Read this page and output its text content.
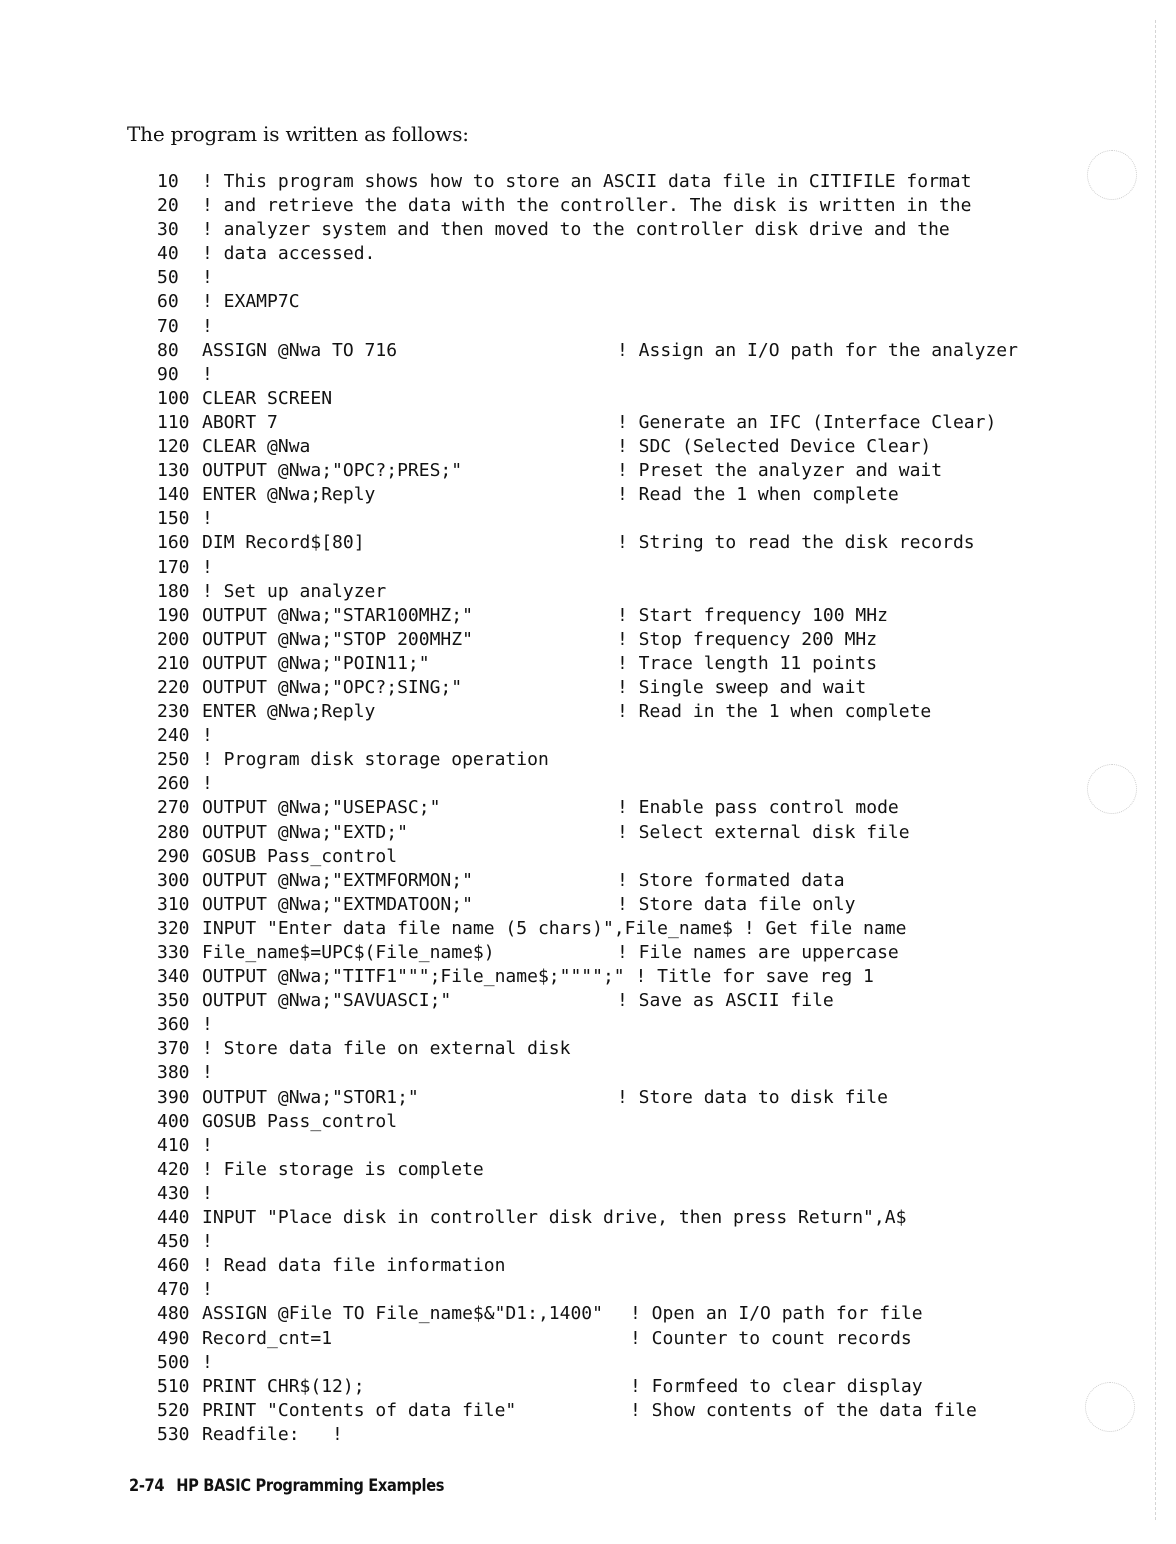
The program is written as follows:
10 ! This program shows how to store an ASCII data file in CITIFILE format
20 ! and retrieve the data with the controller. The disk is written in the
30 ! analyzer system and then moved to the controller disk drive and the
40 ! data accessed.
50 !
60 ! EXAMP7C
70 !
80 ASSIGN @Nwa TO 716	! Assign an I/O path for the analyzer
90 !
100 CLEAR SCREEN
110 ABORT 7	! Generate an IFC (Interface Clear)
120 CLEAR @Nwa	! SDC (Selected Device Clear)
130 OUTPUT @Nwa;"OPC?;PRES;"	! Preset the analyzer and wait
140 ENTER @Nwa;Reply	! Read the 1 when complete
150 !
160 DIM Record$[80]	! String to read the disk records
170 !
180 ! Set up analyzer
190 OUTPUT @Nwa;"STAR100MHZ;"	! Start frequency 100 MHz
200 OUTPUT @Nwa;"STOP 200MHZ"	! Stop frequency 200 MHz
210 OUTPUT @Nwa;"POIN11;"	! Trace length 11 points
220 OUTPUT @Nwa;"OPC?;SING;"	! Single sweep and wait
230 ENTER @Nwa;Reply	! Read in the 1 when complete
240 !
250 ! Program disk storage operation
260 !
270 OUTPUT @Nwa;"USEPASC;"	! Enable pass control mode
280 OUTPUT @Nwa;"EXTD;"	! Select external disk file
290 GOSUB Pass_control
300 OUTPUT @Nwa;"EXTMFORMON;"	! Store formated data
310 OUTPUT @Nwa;"EXTMDATOON;"	! Store data file only
320 INPUT "Enter data file name (5 chars)",File_name$ ! Get file name
330 File_name$=UPC$(File_name$)	! File names are uppercase
340 OUTPUT @Nwa;"TITF1""";File_name$;"""";" ! Title for save reg 1
350 OUTPUT @Nwa;"SAVUASCI;"	! Save as ASCII file
360 !
370 ! Store data file on external disk
380 !
390 OUTPUT @Nwa;"STOR1;"	! Store data to disk file
400 GOSUB Pass_control
410 !
420 ! File storage is complete
430 !
440 INPUT "Place disk in controller disk drive, then press Return",A$
450 !
460 ! Read data file information
470 !
480 ASSIGN @File TO File_name$&"D1:,1400" ! Open an I/O path for file
490 Record_cnt=1	! Counter to count records
500 !
510 PRINT CHR$(12);	! Formfeed to clear display
520 PRINT "Contents of data file"	! Show contents of the data file
530 Readfile:   !
2-74 HP BASIC Programming Examples
